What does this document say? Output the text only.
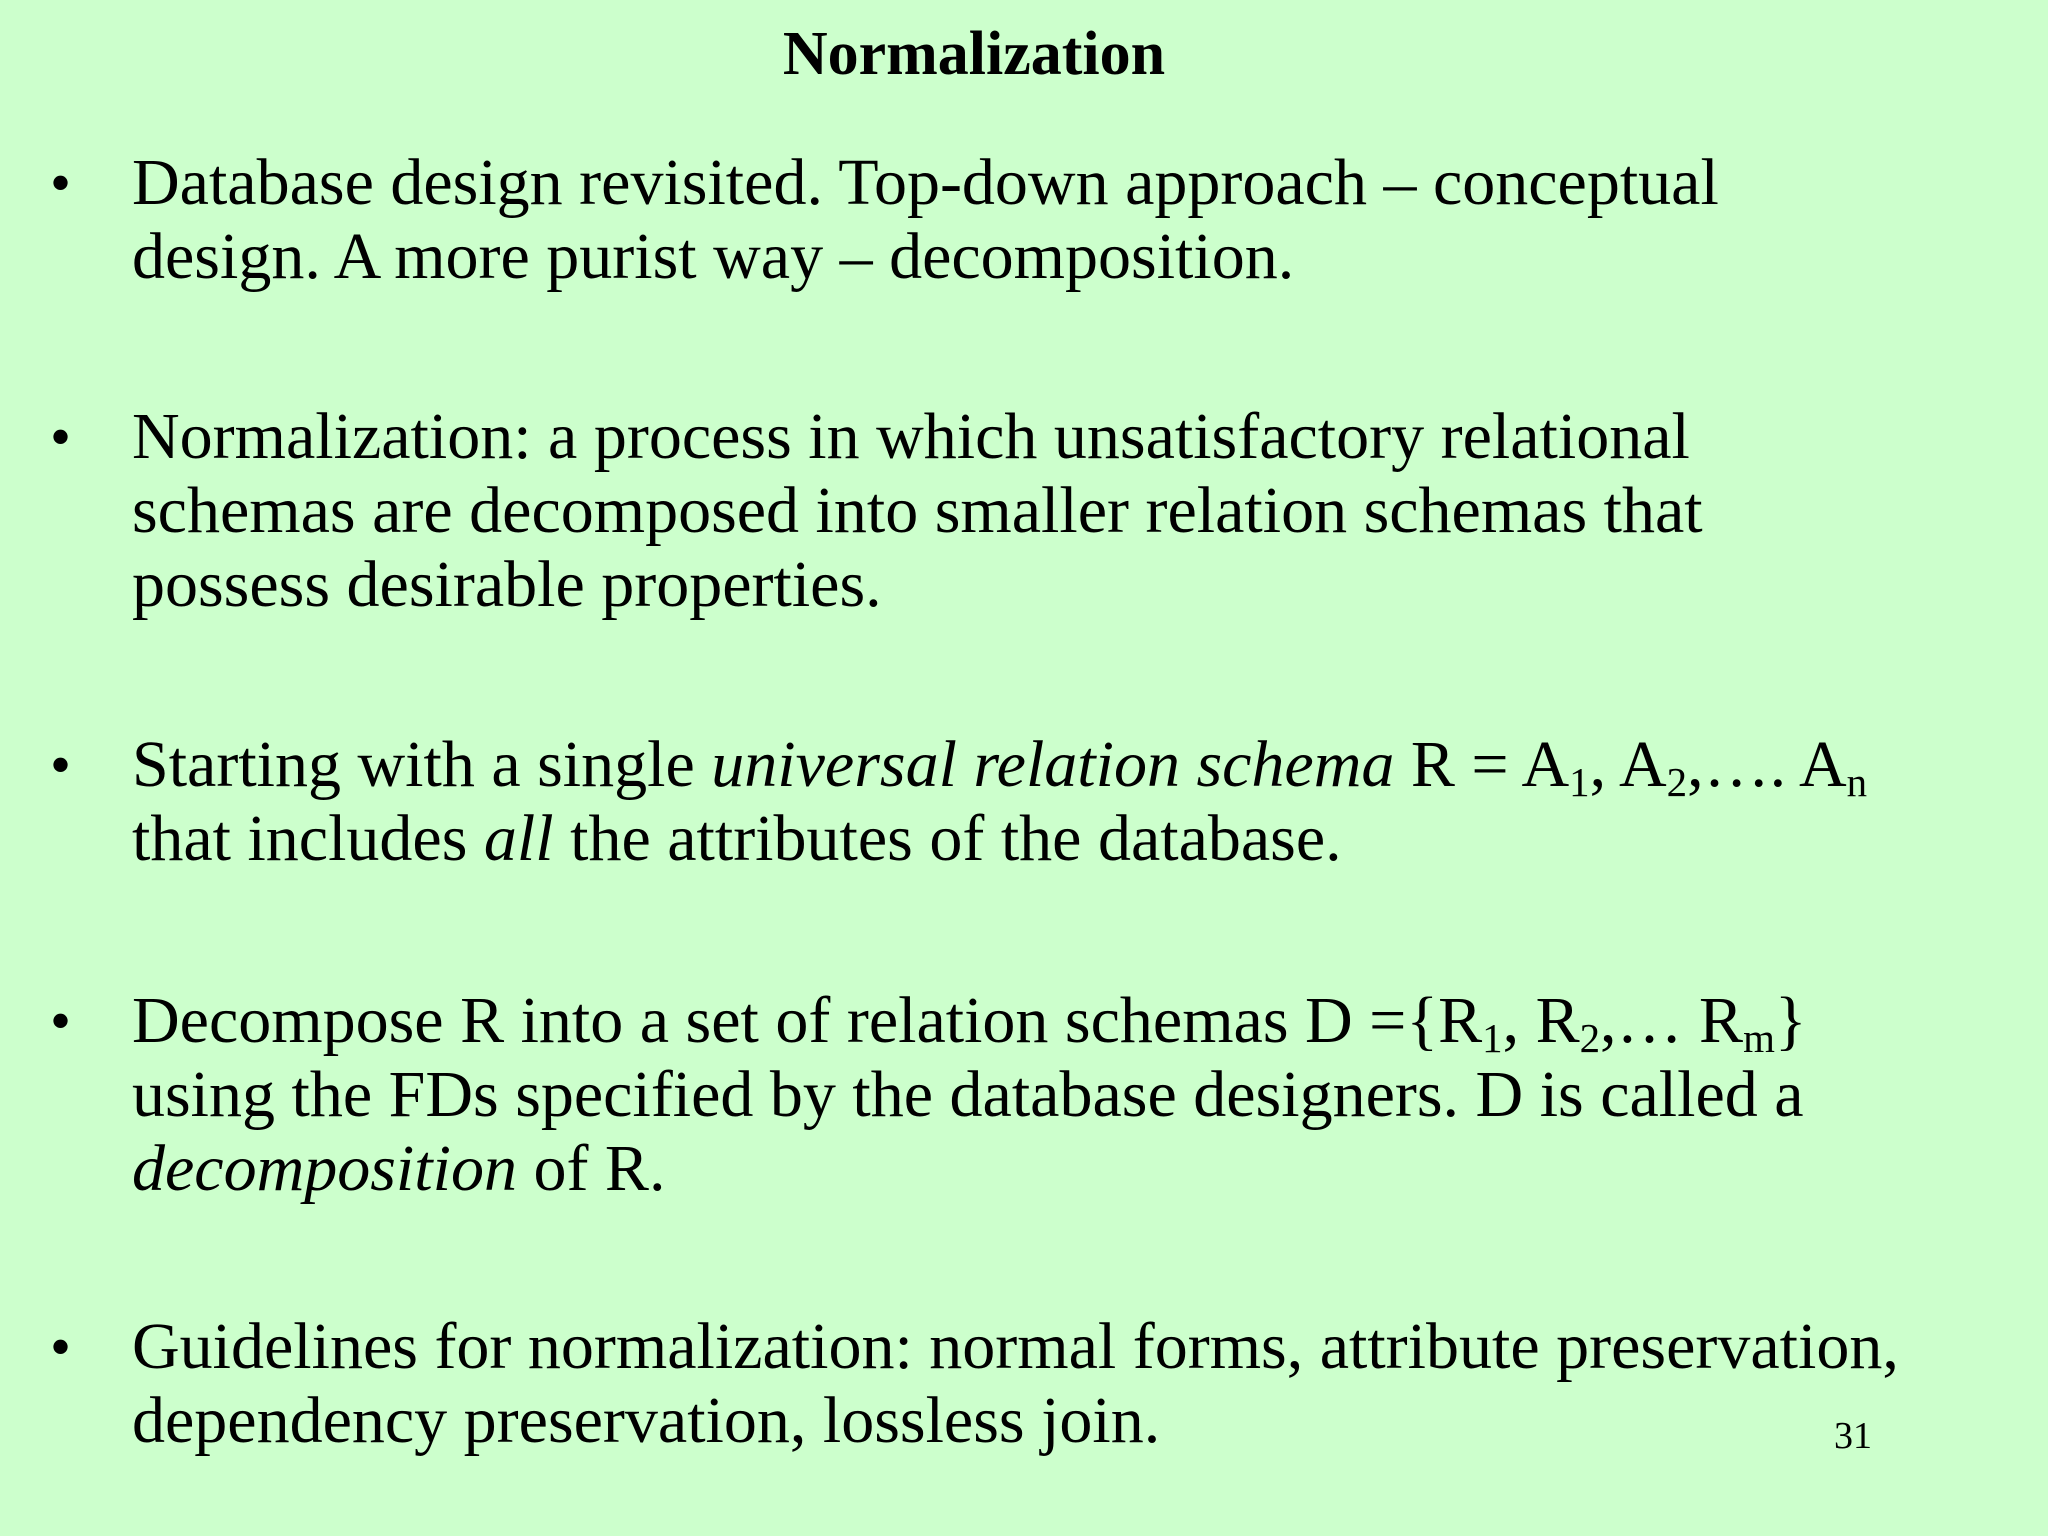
Normalization
• Database design revisited. Top-down approach – conceptual
design. A more purist way – decomposition.
• Normalization: a process in which unsatisfactory relational
schemas are decomposed into smaller relation schemas that
possess desirable properties.
• Starting with a single universal relation schema $R = A_1$, $A_2,\dots$. $A_n$
that includes all the attributes of the database.
• Decompose R into a set of relation schemas $D =\{R_1$, $R_2,\dots$ $R_m$}
using the FDs specified by the database designers. D is called a
decomposition of R.
• Guidelines for normalization: normal forms, attribute preservation,
dependency preservation, lossless join.	31
